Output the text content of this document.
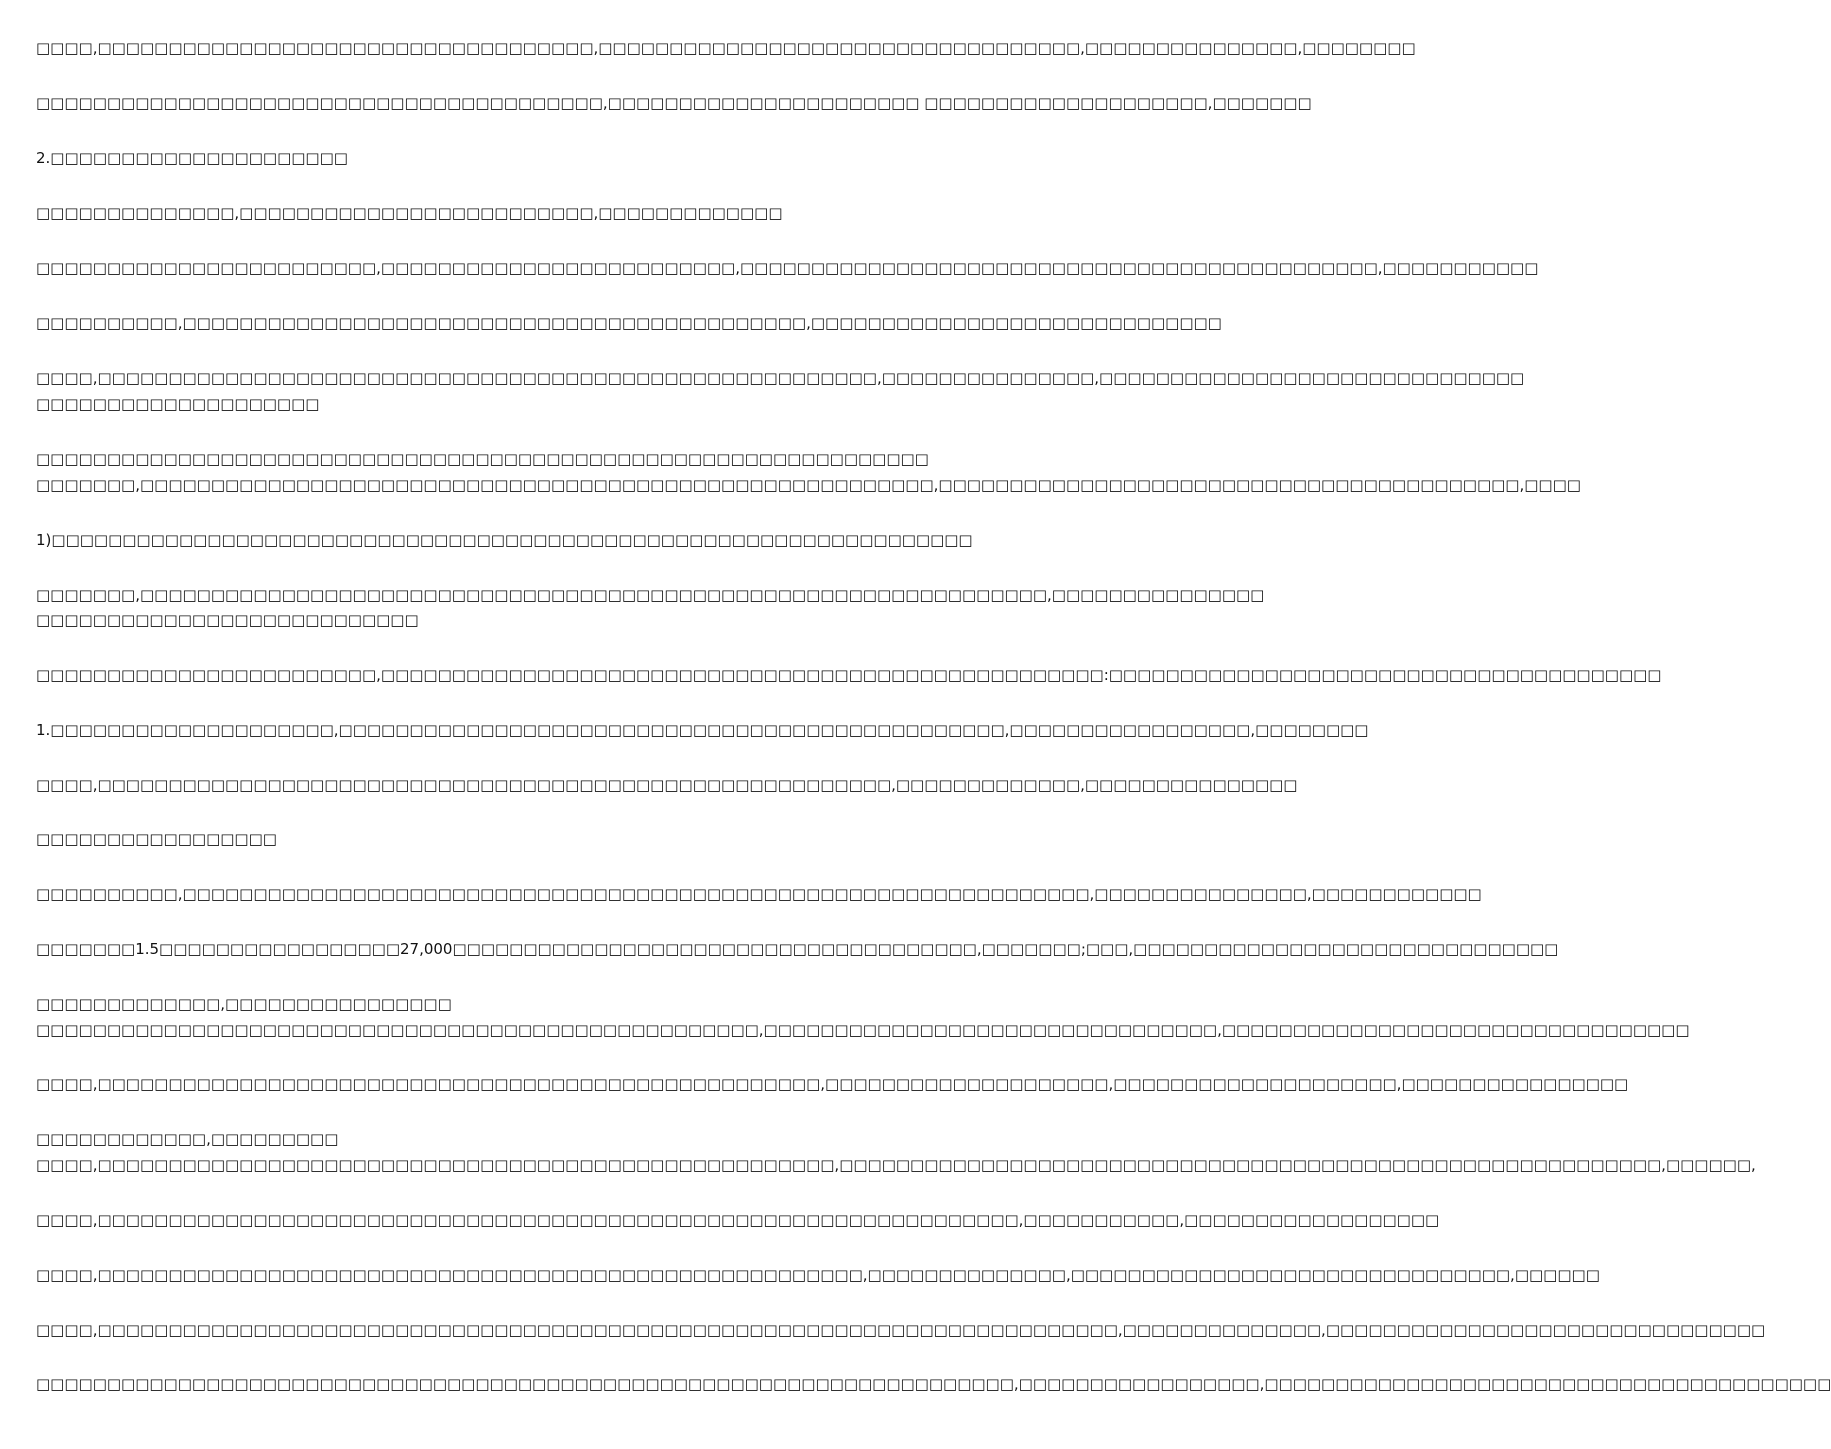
□□□□,□□□□□□□□□□□□□□□□□□□□□□□□□□□□□□□□□□□,□□□□□□□□□□□□□□□□□□□□□□□□□□□□□□□□□□,□□□□□□□□□□□□□□□,□□□□□□□□
□□□□□□□□□□□□□□□□□□□□□□□□□□□□□□□□□□□□□□□□,□□□□□□□□□□□□□□□□□□□□□□ □□□□□□□□□□□□□□□□□□□□,□□□□□□□
2.□□□□□□□□□□□□□□□□□□□□□
□□□□□□□□□□□□□□,□□□□□□□□□□□□□□□□□□□□□□□□□,□□□□□□□□□□□□□
□□□□□□□□□□□□□□□□□□□□□□□□,□□□□□□□□□□□□□□□□□□□□□□□□□,□□□□□□□□□□□□□□□□□□□□□□□□□□□□□□□□□□□□□□□□□□□□□,□□□□□□□□□□□
□□□□□□□□□□,□□□□□□□□□□□□□□□□□□□□□□□□□□□□□□□□□□□□□□□□□□□□,□□□□□□□□□□□□□□□□□□□□□□□□□□□□□
□□□□,□□□□□□□□□□□□□□□□□□□□□□□□□□□□□□□□□□□□□□□□□□□□□□□□□□□□□□□,□□□□□□□□□□□□□□□,□□□□□□□□□□□□□□□□□□□□□□□□□□□□□□
□□□□□□□□□□□□□□□□□□□□
□□□□□□□□□□□□□□□□□□□□□□□□□□□□□□□□□□□□□□□□□□□□□□□□□□□□□□□□□□□□□□□
□□□□□□□,□□□□□□□□□□□□□□□□□□□□□□□□□□□□□□□□□□□□□□□□□□□□□□□□□□□□□□□□,□□□□□□□□□□□□□□□□□□□□□□□□□□□□□□□□□□□□□□□□□,□□□□
1)□□□□□□□□□□□□□□□□□□□□□□□□□□□□□□□□□□□□□□□□□□□□□□□□□□□□□□□□□□□□□□□□□
□□□□□□□,□□□□□□□□□□□□□□□□□□□□□□□□□□□□□□□□□□□□□□□□□□□□□□□□□□□□□□□□□□□□□□□□,□□□□□□□□□□□□□□□
□□□□□□□□□□□□□□□□□□□□□□□□□□□
□□□□□□□□□□□□□□□□□□□□□□□□,□□□□□□□□□□□□□□□□□□□□□□□□□□□□□□□□□□□□□□□□□□□□□□□□□□□:□□□□□□□□□□□□□□□□□□□□□□□□□□□□□□□□□□□□□□□
1.□□□□□□□□□□□□□□□□□□□□,□□□□□□□□□□□□□□□□□□□□□□□□□□□□□□□□□□□□□□□□□□□□□□□,□□□□□□□□□□□□□□□□□,□□□□□□□□
□□□□,□□□□□□□□□□□□□□□□□□□□□□□□□□□□□□□□□□□□□□□□□□□□□□□□□□□□□□□□,□□□□□□□□□□□□□,□□□□□□□□□□□□□□□
□□□□□□□□□□□□□□□□□
□□□□□□□□□□,□□□□□□□□□□□□□□□□□□□□□□□□□□□□□□□□□□□□□□□□□□□□□□□□□□□□□□□□□□□□□□□□,□□□□□□□□□□□□□□□,□□□□□□□□□□□□
□□□□□□□1.5□□□□□□□□□□□□□□□□□27,000□□□□□□□□□□□□□□□□□□□□□□□□□□□□□□□□□□□□□,□□□□□□□;□□□,□□□□□□□□□□□□□□□□□□□□□□□□□□□□□□
□□□□□□□□□□□□□,□□□□□□□□□□□□□□□□
□□□□□□□□□□□□□□□□□□□□□□□□□□□□□□□□□□□□□□□□□□□□□□□□□□□,□□□□□□□□□□□□□□□□□□□□□□□□□□□□□□□□,□□□□□□□□□□□□□□□□□□□□□□□□□□□□□□□□□
□□□□,□□□□□□□□□□□□□□□□□□□□□□□□□□□□□□□□□□□□□□□□□□□□□□□□□□□,□□□□□□□□□□□□□□□□□□□□,□□□□□□□□□□□□□□□□□□□□,□□□□□□□□□□□□□□□□
□□□□□□□□□□□□,□□□□□□□□□
□□□□,□□□□□□□□□□□□□□□□□□□□□□□□□□□□□□□□□□□□□□□□□□□□□□□□□□□□,□□□□□□□□□□□□□□□□□□□□□□□□□□□□□□□□□□□□□□□□□□□□□□□□□□□□□□□□□□,□□□□□□,
□□□□,□□□□□□□□□□□□□□□□□□□□□□□□□□□□□□□□□□□□□□□□□□□□□□□□□□□□□□□□□□□□□□□□□,□□□□□□□□□□□,□□□□□□□□□□□□□□□□□□
□□□□,□□□□□□□□□□□□□□□□□□□□□□□□□□□□□□□□□□□□□□□□□□□□□□□□□□□□□□,□□□□□□□□□□□□□□,□□□□□□□□□□□□□□□□□□□□□□□□□□□□□□□,□□□□□□
□□□□,□□□□□□□□□□□□□□□□□□□□□□□□□□□□□□□□□□□□□□□□□□□□□□□□□□□□□□□□□□□□□□□□□□□□□□□□,□□□□□□□□□□□□□□,□□□□□□□□□□□□□□□□□□□□□□□□□□□□□□□
□□□□□□□□□□□□□□□□□□□□□□□□□□□□□□□□□□□□□□□□□□□□□□□□□□□□□□□□□□□□□□□□□□□□□,□□□□□□□□□□□□□□□□□,□□□□□□□□□□□□□□□□□□□□□□□□□□□□□□□□□□□□□□□□
